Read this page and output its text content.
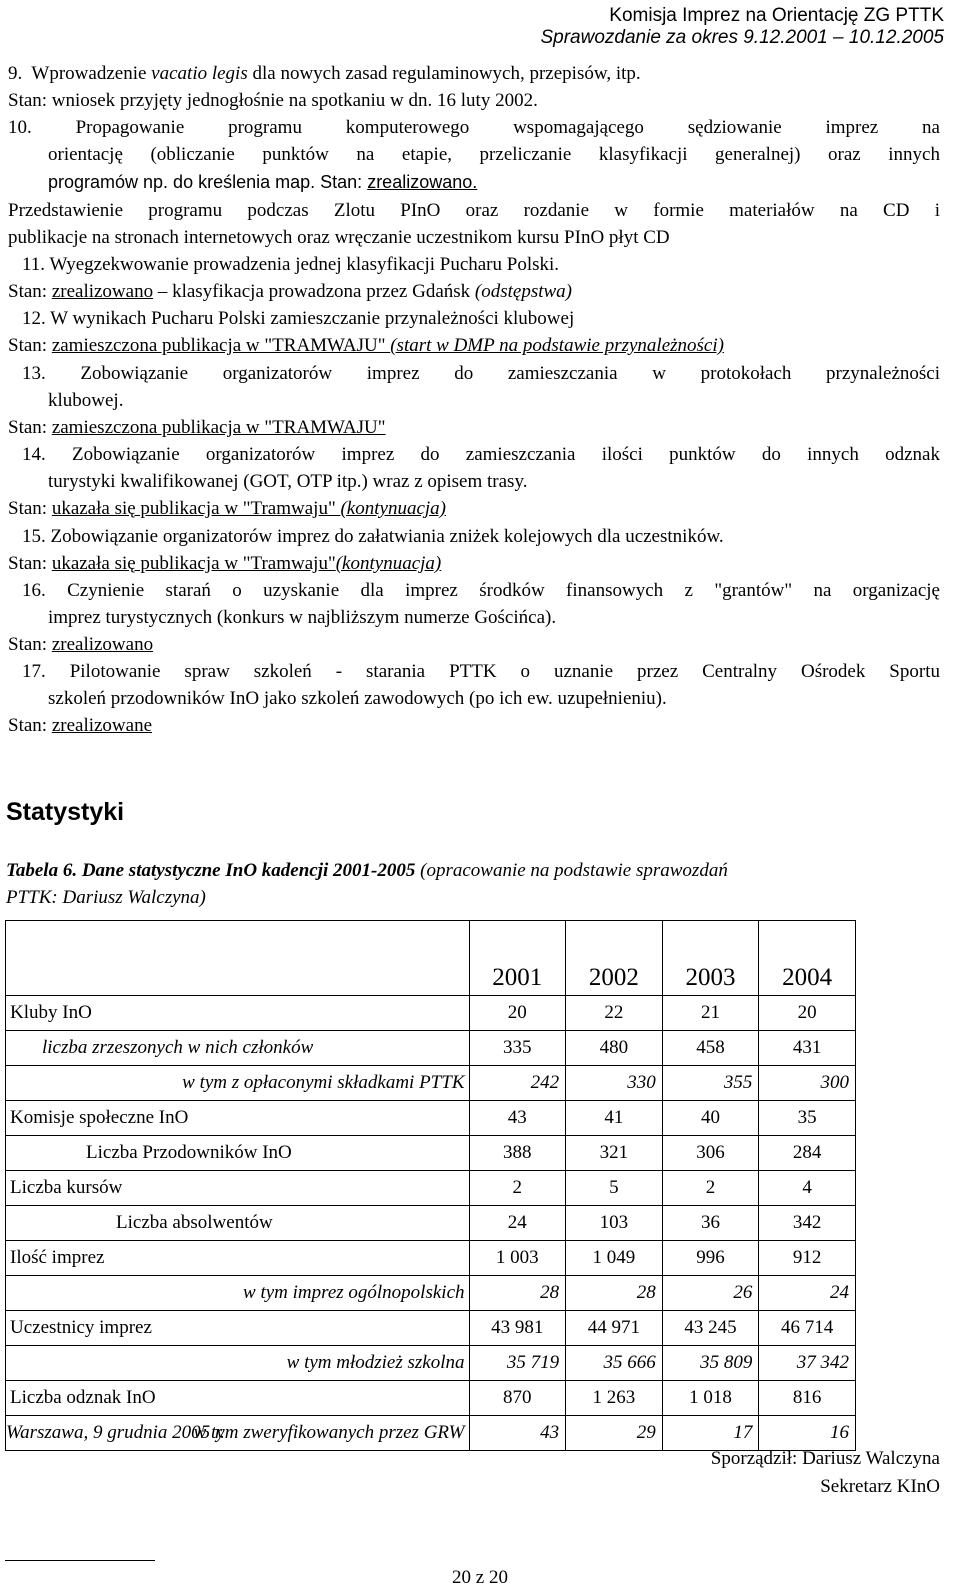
Komisja Imprez na Orientację ZG PTTK
Sprawozdanie za okres 9.12.2001 – 10.12.2005
9. Wprowadzenie vacatio legis dla nowych zasad regulaminowych, przepisów, itp.
Stan: wniosek przyjęty jednogłośnie na spotkaniu w dn. 16 luty 2002.
10. Propagowanie programu komputerowego wspomagającego sędziowanie imprez na
orientację (obliczanie punktów na etapie, przeliczanie klasyfikacji generalnej) oraz innych
programów np. do kreślenia map. Stan: zrealizowano.
Przedstawienie programu podczas Zlotu PInO oraz rozdanie w formie materiałów na CD i
publikacje na stronach internetowych oraz wręczanie uczestnikom kursu PInO płyt CD
11. Wyegzekwowanie prowadzenia jednej klasyfikacji Pucharu Polski.
Stan: zrealizowano – klasyfikacja prowadzona przez Gdańsk (odstępstwa)
12. W wynikach Pucharu Polski zamieszczanie przynależności klubowej
Stan: zamieszczona publikacja w "TRAMWAJU" (start w DMP na podstawie przynależności)
13. Zobowiązanie organizatorów imprez do zamieszczania w protokołach przynależności
klubowej.
Stan: zamieszczona publikacja w "TRAMWAJU"
14. Zobowiązanie organizatorów imprez do zamieszczania ilości punktów do innych odznak
turystyki kwalifikowanej (GOT, OTP itp.) wraz z opisem trasy.
Stan: ukazała się publikacja w "Tramwaju" (kontynuacja)
15. Zobowiązanie organizatorów imprez do załatwiania zniżek kolejowych dla uczestników.
Stan: ukazała się publikacja w "Tramwaju"(kontynuacja)
16. Czynienie starań o uzyskanie dla imprez środków finansowych z "grantów" na organizację
imprez turystycznych (konkurs w najbliższym numerze Gościńca).
Stan: zrealizowano
17. Pilotowanie spraw szkoleń - starania PTTK o uznanie przez Centralny Ośrodek Sportu
szkoleń przodowników InO jako szkoleń zawodowych (po ich ew. uzupełnieniu).
Stan: zrealizowane
Statystyki
Tabela 6. Dane statystyczne InO kadencji 2001-2005 (opracowanie na podstawie sprawozdań
PTTK: Dariusz Walczyna)
	2001	2002	2003	2004
Kluby InO	20	22	21	20
liczba zrzeszonych w nich członków	335	480	458	431
w tym z opłaconymi składkami PTTK	242	330	355	300
Komisje społeczne InO	43	41	40	35
Liczba Przodowników InO	388	321	306	284
Liczba kursów	2	5	2	4
Liczba absolwentów	24	103	36	342
Ilość imprez	1 003	1 049	996	912
w tym imprez ogólnopolskich	28	28	26	24
Uczestnicy imprez	43 981	44 971	43 245	46 714
w tym młodzież szkolna	35 719	35 666	35 809	37 342
Liczba odznak InO	870	1 263	1 018	816
w tym zweryfikowanych przez GRW	43	29	17	16
Warszawa, 9 grudnia 2005 r.
Sporządził: Dariusz Walczyna
Sekretarz KInO
20 z 20
